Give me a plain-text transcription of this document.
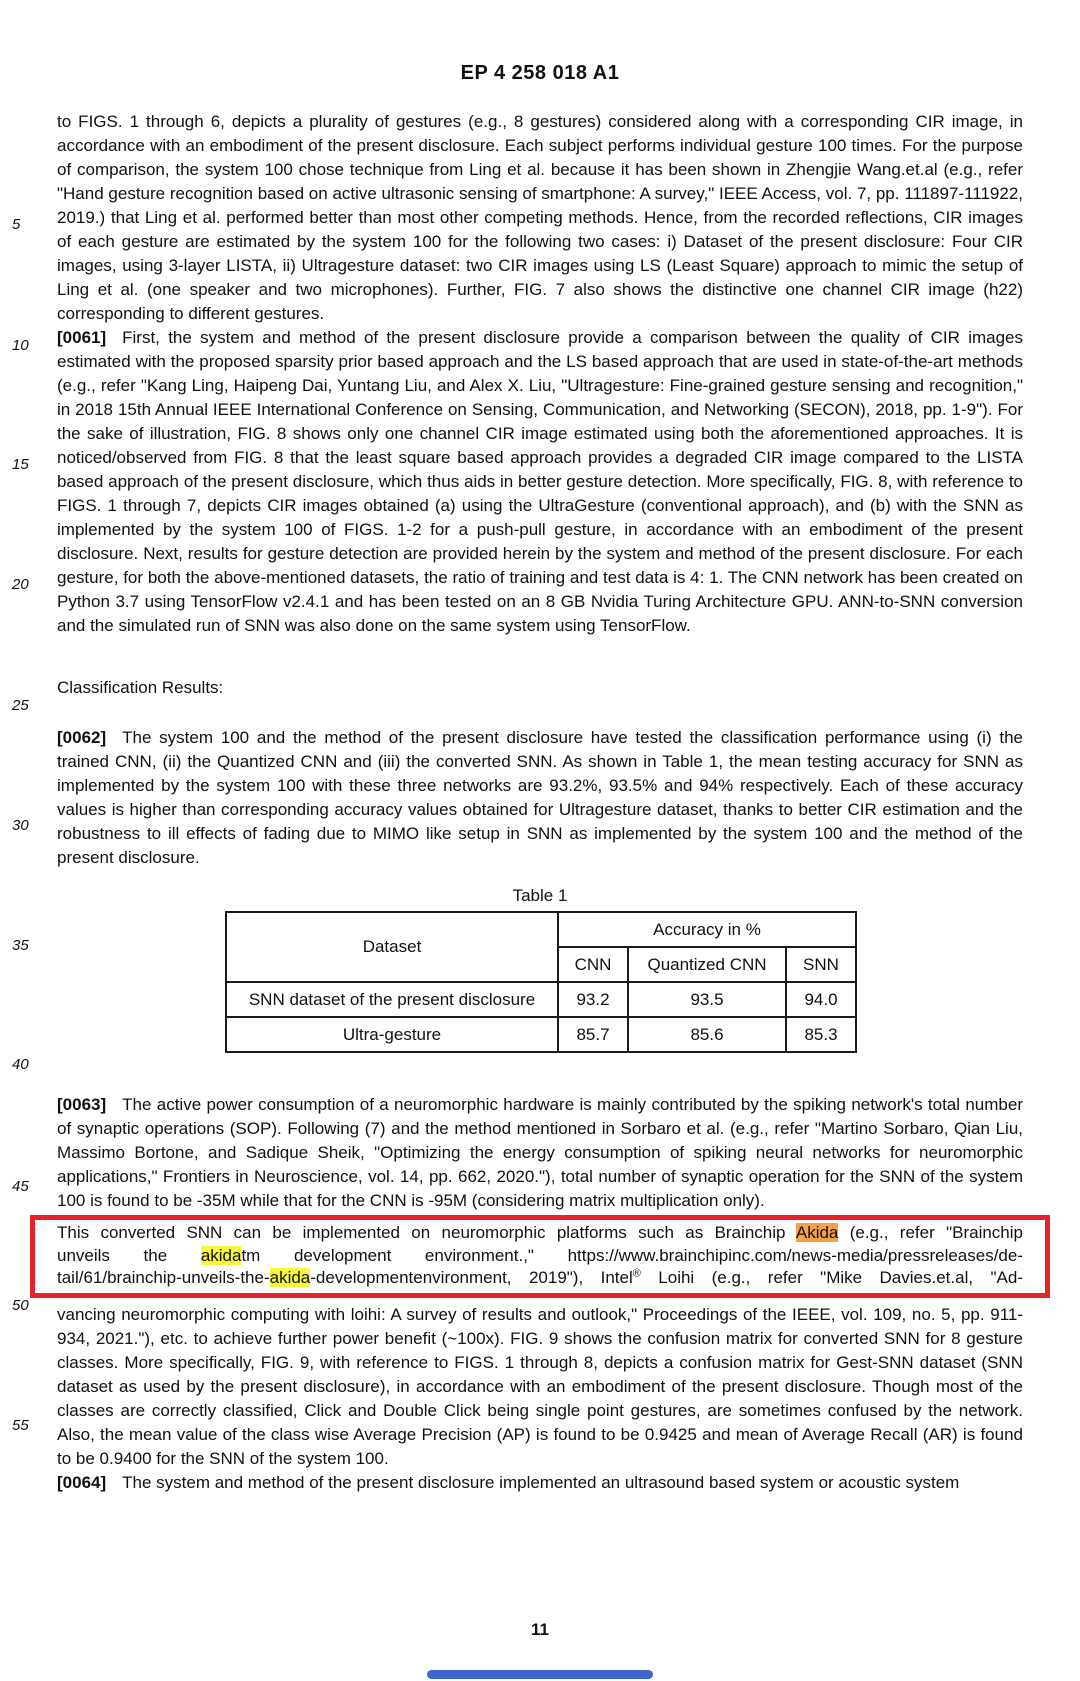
EP 4 258 018 A1
5
10
15
20
25
30
35
40
45
50
55

to FIGS. 1 through 6, depicts a plurality of gestures (e.g., 8 gestures) considered along with a corresponding CIR image, in accordance with an embodiment of the present disclosure. Each subject performs individual gesture 100 times. For the purpose of comparison, the system 100 chose technique from Ling et al. because it has been shown in Zhengjie Wang.et.al (e.g., refer "Hand gesture recognition based on active ultrasonic sensing of smartphone: A survey," IEEE Access, vol. 7, pp. 111897-111922, 2019.) that Ling et al. performed better than most other competing methods. Hence, from the recorded reflections, CIR images of each gesture are estimated by the system 100 for the following two cases: i) Dataset of the present disclosure: Four CIR images, using 3-layer LISTA, ii) Ultragesture dataset: two CIR images using LS (Least Square) approach to mimic the setup of Ling et al. (one speaker and two microphones). Further, FIG. 7 also shows the distinctive one channel CIR image (h22) corresponding to different gestures.

[0061] First, the system and method of the present disclosure provide a comparison between the quality of CIR images estimated with the proposed sparsity prior based approach and the LS based approach that are used in state-of-the-art methods (e.g., refer "Kang Ling, Haipeng Dai, Yuntang Liu, and Alex X. Liu, "Ultragesture: Fine-grained gesture sensing and recognition," in 2018 15th Annual IEEE International Conference on Sensing, Communication, and Networking (SECON), 2018, pp. 1-9"). For the sake of illustration, FIG. 8 shows only one channel CIR image estimated using both the aforementioned approaches. It is noticed/observed from FIG. 8 that the least square based approach provides a degraded CIR image compared to the LISTA based approach of the present disclosure, which thus aids in better gesture detection. More specifically, FIG. 8, with reference to FIGS. 1 through 7, depicts CIR images obtained (a) using the UltraGesture (conventional approach), and (b) with the SNN as implemented by the system 100 of FIGS. 1-2 for a push-pull gesture, in accordance with an embodiment of the present disclosure. Next, results for gesture detection are provided herein by the system and method of the present disclosure. For each gesture, for both the above-mentioned datasets, the ratio of training and test data is 4: 1. The CNN network has been created on Python 3.7 using TensorFlow v2.4.1 and has been tested on an 8 GB Nvidia Turing Architecture GPU. ANN-to-SNN conversion and the simulated run of SNN was also done on the same system using TensorFlow.

Classification Results:

[0062] The system 100 and the method of the present disclosure have tested the classification performance using (i) the trained CNN, (ii) the Quantized CNN and (iii) the converted SNN. As shown in Table 1, the mean testing accuracy for SNN as implemented by the system 100 with these three networks are 93.2%, 93.5% and 94% respectively. Each of these accuracy values is higher than corresponding accuracy values obtained for Ultragesture dataset, thanks to better CIR estimation and the robustness to ill effects of fading due to MIMO like setup in SNN as implemented by the system 100 and the method of the present disclosure.

Table 1
Dataset	Accuracy in %		
	CNN	Quantized CNN	SNN
SNN dataset of the present disclosure	93.2	93.5	94.0
Ultra-gesture	85.7	85.6	85.3

[0063] The active power consumption of a neuromorphic hardware is mainly contributed by the spiking network's total number of synaptic operations (SOP). Following (7) and the method mentioned in Sorbaro et al. (e.g., refer "Martino Sorbaro, Qian Liu, Massimo Bortone, and Sadique Sheik, "Optimizing the energy consumption of spiking neural networks for neuromorphic applications," Frontiers in Neuroscience, vol. 14, pp. 662, 2020."), total number of synaptic operation for the SNN of the system 100 is found to be -35M while that for the CNN is -95M (considering matrix multiplication only).

This converted SNN can be implemented on neuromorphic platforms such as Brainchip Akida (e.g., refer "Brainchip
unveils the akidatm development environment.," https://www.brainchipinc.com/news-media/pressreleases/de-
tail/61/brainchip-unveils-the-akida-developmentenvironment, 2019"), Intel® Loihi (e.g., refer "Mike Davies.et.al, "Ad-

vancing neuromorphic computing with loihi: A survey of results and outlook," Proceedings of the IEEE, vol. 109, no. 5, pp. 911-934, 2021."), etc. to achieve further power benefit (~100x). FIG. 9 shows the confusion matrix for converted SNN for 8 gesture classes. More specifically, FIG. 9, with reference to FIGS. 1 through 8, depicts a confusion matrix for Gest-SNN dataset (SNN dataset as used by the present disclosure), in accordance with an embodiment of the present disclosure. Though most of the classes are correctly classified, Click and Double Click being single point gestures, are sometimes confused by the network. Also, the mean value of the class wise Average Precision (AP) is found to be 0.9425 and mean of Average Recall (AR) is found to be 0.9400 for the SNN of the system 100.

[0064] The system and method of the present disclosure implemented an ultrasound based system or acoustic system

11
